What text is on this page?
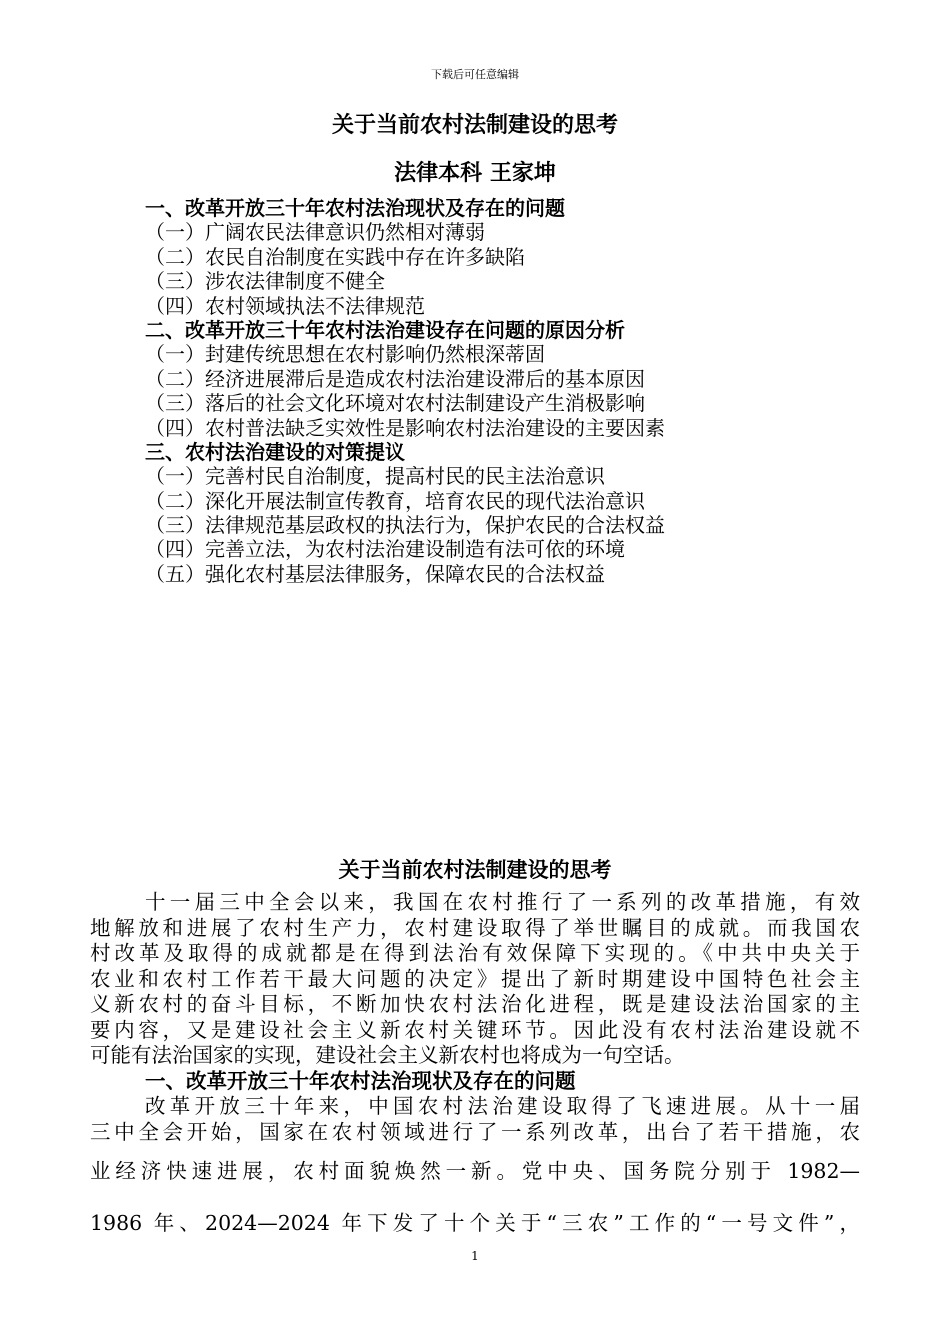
下载后可任意编辑
关于当前农村法制建设的思考
法律本科 王家坤
一、改革开放三十年农村法治现状及存在的问题
（一）广阔农民法律意识仍然相对薄弱
（二）农民自治制度在实践中存在许多缺陷
（三）涉农法律制度不健全
（四）农村领域执法不法律规范
二、改革开放三十年农村法治建设存在问题的原因分析
（一）封建传统思想在农村影响仍然根深蒂固
（二）经济进展滞后是造成农村法治建设滞后的基本原因
（三）落后的社会文化环境对农村法制建设产生消极影响
（四）农村普法缺乏实效性是影响农村法治建设的主要因素
三、农村法治建设的对策提议
（一）完善村民自治制度，提高村民的民主法治意识
（二）深化开展法制宣传教育，培育农民的现代法治意识
（三）法律规范基层政权的执法行为，保护农民的合法权益
（四）完善立法，为农村法治建设制造有法可依的环境
（五）强化农村基层法律服务，保障农民的合法权益
关于当前农村法制建设的思考
十一届三中全会以来，我国在农村推行了一系列的改革措施，有效
地解放和进展了农村生产力，农村建设取得了举世瞩目的成就。而我国农
村改革及取得的成就都是在得到法治有效保障下实现的。《中共中央关于
农业和农村工作若干最大问题的决定》提出了新时期建设中国特色社会主
义新农村的奋斗目标，不断加快农村法治化进程，既是建设法治国家的主
要内容，又是建设社会主义新农村关键环节。因此没有农村法治建设就不
可能有法治国家的实现，建设社会主义新农村也将成为一句空话。
一、改革开放三十年农村法治现状及存在的问题
改革开放三十年来，中国农村法治建设取得了飞速进展。从十一届
三中全会开始，国家在农村领域进行了一系列改革，出台了若干措施，农
业经济快速进展，农村面貌焕然一新。党中央、国务院分别于 1982—
1986 年、2024—2024 年下发了十个关于“三农”工作的“一号文件”，
1
